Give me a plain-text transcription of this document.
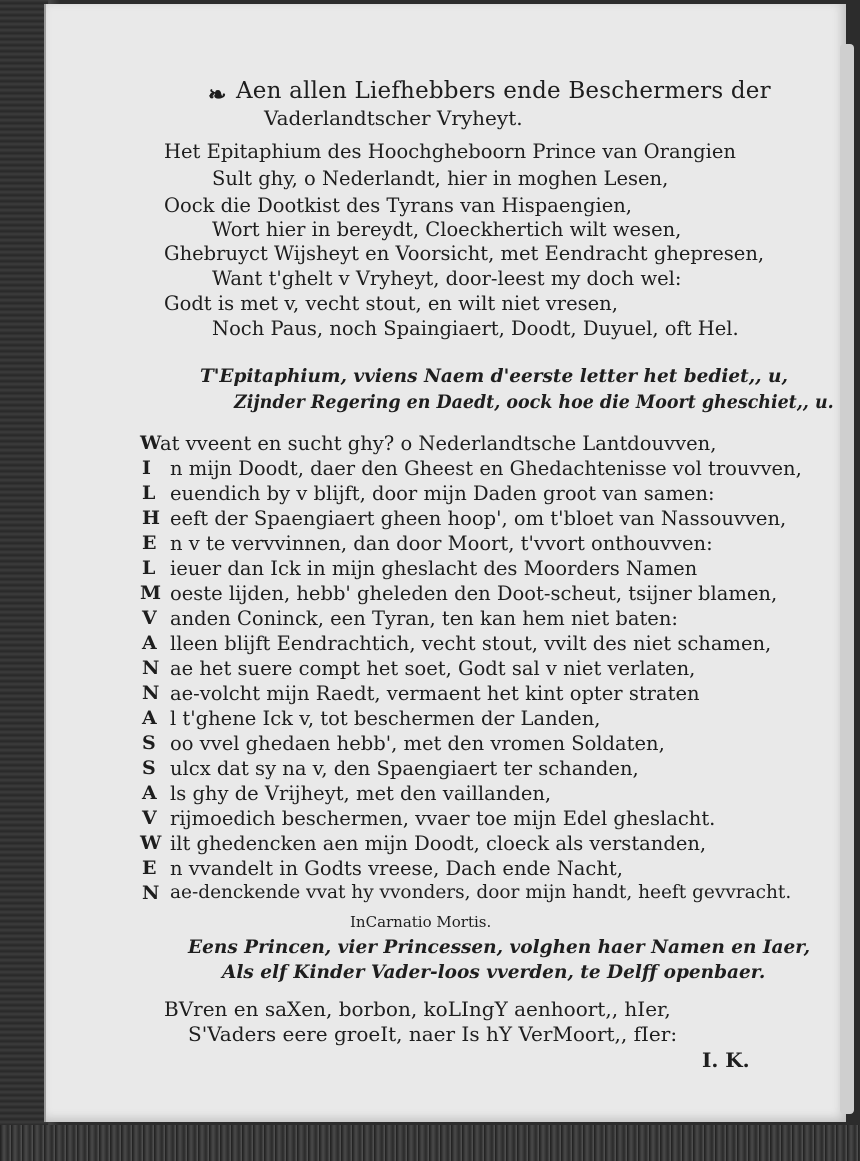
❧ Aen allen Liefhebbers ende Beschermers der
Vaderlandtscher Vryheyt.
Het Epitaphium des Hoochgheboorn Prince van Orangien
Sult ghy, o Nederlandt, hier in moghen Lesen,
Oock die Dootkist des Tyrans van Hispaengien,
Wort hier in bereydt, Cloeckhertich wilt wesen,
Ghebruyct Wijsheyt en Voorsicht, met Eendracht ghepresen,
Want t'ghelt v Vryheyt, door-leest my doch wel:
Godt is met v, vecht stout, en wilt niet vresen,
Noch Paus, noch Spaingiaert, Doodt, Duyuel, oft Hel.
T'Epitaphium, vviens Naem d'eerste letter het bediet,, u,
Zijnder Regering en Daedt, oock hoe die Moort gheschiet,, u.
W
at vveent en sucht ghy? o Nederlandtsche Lantdouvven,
I n mijn Doodt, daer den Gheest en Ghedachtenisse vol trouvven,
L euendich by v blijft, door mijn Daden groot van samen:
H eeft der Spaengiaert gheen hoop', om t'bloet van Nassouvven,
E n v te vervvinnen, dan door Moort, t'vvort onthouvven:
L ieuer dan Ick in mijn gheslacht des Moorders Namen
M oeste lijden, hebb' gheleden den Doot-scheut, tsijner blamen,
V anden Coninck, een Tyran, ten kan hem niet baten:
A lleen blijft Eendrachtich, vecht stout, vvilt des niet schamen,
N ae het suere compt het soet, Godt sal v niet verlaten,
N ae-volcht mijn Raedt, vermaent het kint opter straten
A l t'ghene Ick v, tot beschermen der Landen,
S oo vvel ghedaen hebb', met den vromen Soldaten,
S ulcx dat sy na v, den Spaengiaert ter schanden,
A ls ghy de Vrijheyt, met den vaillanden,
V rijmoedich beschermen, vvaer toe mijn Edel gheslacht.
W ilt ghedencken aen mijn Doodt, cloeck als verstanden,
E n vvandelt in Godts vreese, Dach ende Nacht,
N ae-denckende vvat hy vvonders, door mijn handt, heeft gevvracht.
InCarnatio Mortis.
Eens Princen, vier Princessen, volghen haer Namen en Iaer,
Als elf Kinder Vader-loos vverden, te Delff openbaer.
BVren en saXen, borbon, koLIngY aenhoort,, hIer,
S'Vaders eere groeIt, naer Is hY VerMoort,, fIer:
I. K.
